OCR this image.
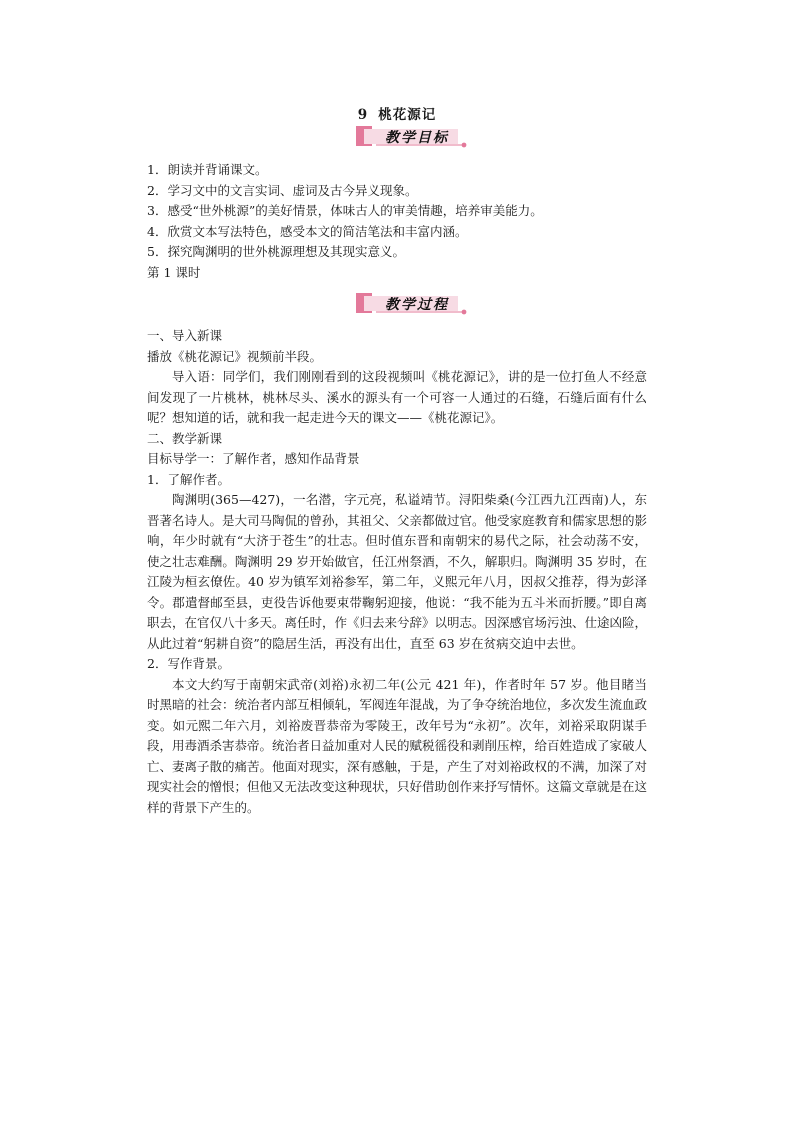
9 桃花源记
教学目标

1．朗读并背诵课文。

2．学习文中的文言实词、虚词及古今异义现象。

3．感受“世外桃源”的美好情景，体味古人的审美情趣，培养审美能力。

4．欣赏文本写法特色，感受本文的简洁笔法和丰富内涵。

5．探究陶渊明的世外桃源理想及其现实意义。

第 1 课时

教学过程

一、导入新课

播放《桃花源记》视频前半段。

导入语：同学们，我们刚刚看到的这段视频叫《桃花源记》，讲的是一位打鱼人不经意间发现了一片桃林，桃林尽头、溪水的源头有一个可容一人通过的石缝，石缝后面有什么呢？想知道的话，就和我一起走进今天的课文——《桃花源记》。

二、教学新课

目标导学一：了解作者，感知作品背景

1．了解作者。

陶渊明(365—427)，一名潜，字元亮，私谥靖节。浔阳柴桑(今江西九江西南)人，东晋著名诗人。是大司马陶侃的曾孙，其祖父、父亲都做过官。他受家庭教育和儒家思想的影响，年少时就有“大济于苍生”的壮志。但时值东晋和南朝宋的易代之际，社会动荡不安，使之壮志难酬。陶渊明 29 岁开始做官，任江州祭酒，不久，解职归。陶渊明 35 岁时，在江陵为桓玄僚佐。40 岁为镇军刘裕参军，第二年，义熙元年八月，因叔父推荐，得为彭泽令。郡遣督邮至县，吏役告诉他要束带鞠躬迎接，他说：“我不能为五斗米而折腰。”即自离职去，在官仅八十多天。离任时，作《归去来兮辞》以明志。因深感官场污浊、仕途凶险，从此过着“躬耕自资”的隐居生活，再没有出仕，直至 63 岁在贫病交迫中去世。

2．写作背景。

本文大约写于南朝宋武帝(刘裕)永初二年(公元 421 年)，作者时年 57 岁。他目睹当时黑暗的社会：统治者内部互相倾轧，军阀连年混战，为了争夺统治地位，多次发生流血政变。如元熙二年六月，刘裕废晋恭帝为零陵王，改年号为“永初”。次年，刘裕采取阴谋手段，用毒酒杀害恭帝。统治者日益加重对人民的赋税徭役和剥削压榨，给百姓造成了家破人亡、妻离子散的痛苦。他面对现实，深有感触，于是，产生了对刘裕政权的不满，加深了对现实社会的憎恨；但他又无法改变这种现状，只好借助创作来抒写情怀。这篇文章就是在这样的背景下产生的。
